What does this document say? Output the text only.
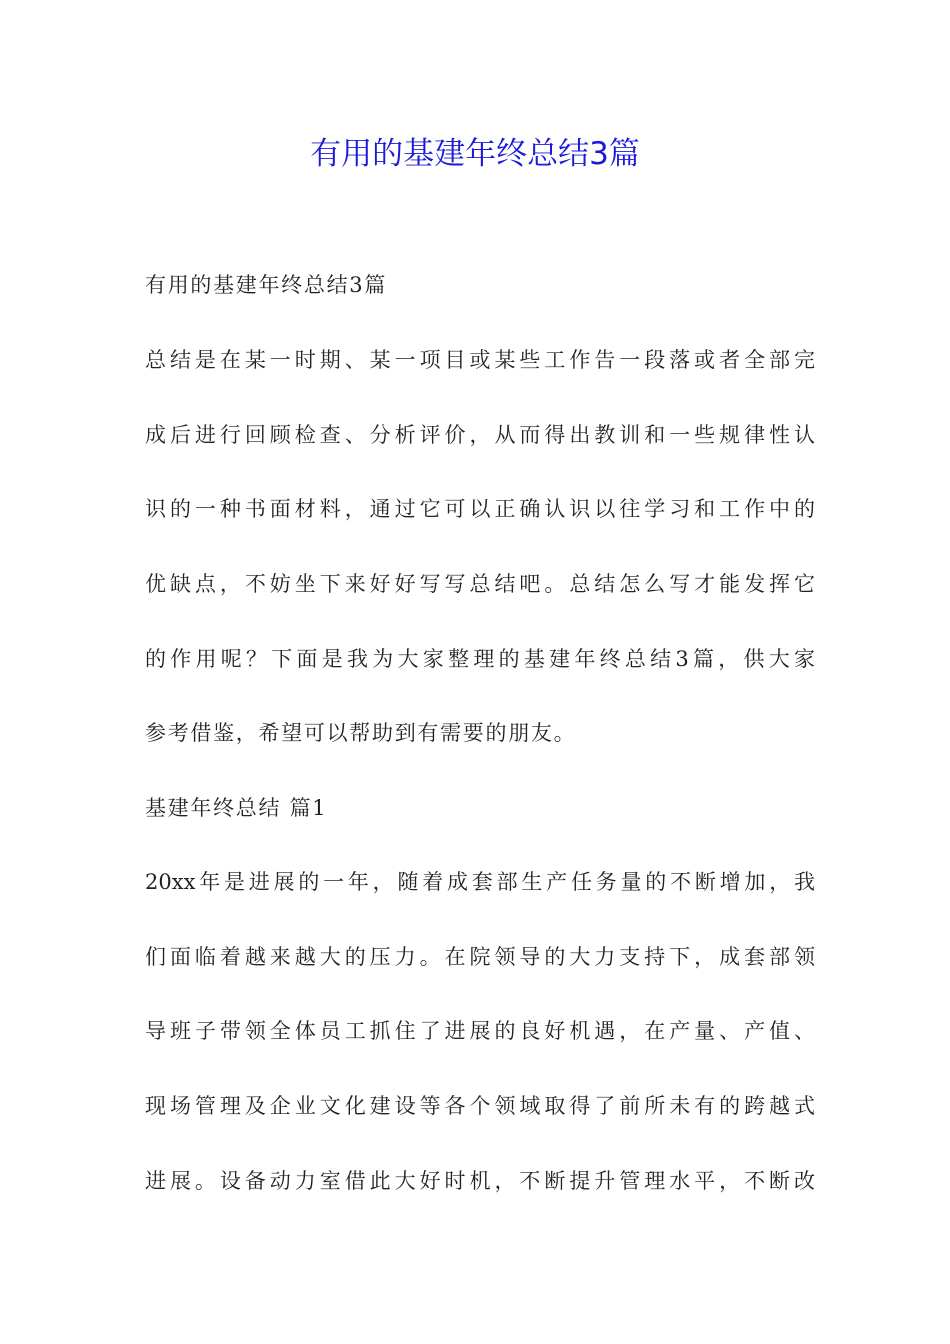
有用的基建年终总结3篇

有用的基建年终总结3篇

总结是在某一时期、某一项目或某些工作告一段落或者全部完

成后进行回顾检查、分析评价，从而得出教训和一些规律性认

识的一种书面材料，通过它可以正确认识以往学习和工作中的

优缺点，不妨坐下来好好写写总结吧。总结怎么写才能发挥它

的作用呢？下面是我为大家整理的基建年终总结3篇，供大家

参考借鉴，希望可以帮助到有需要的朋友。

基建年终总结 篇1

20xx年是进展的一年，随着成套部生产任务量的不断增加，我

们面临着越来越大的压力。在院领导的大力支持下，成套部领

导班子带领全体员工抓住了进展的良好机遇，在产量、产值、

现场管理及企业文化建设等各个领域取得了前所未有的跨越式

进展。设备动力室借此大好时机，不断提升管理水平，不断改
